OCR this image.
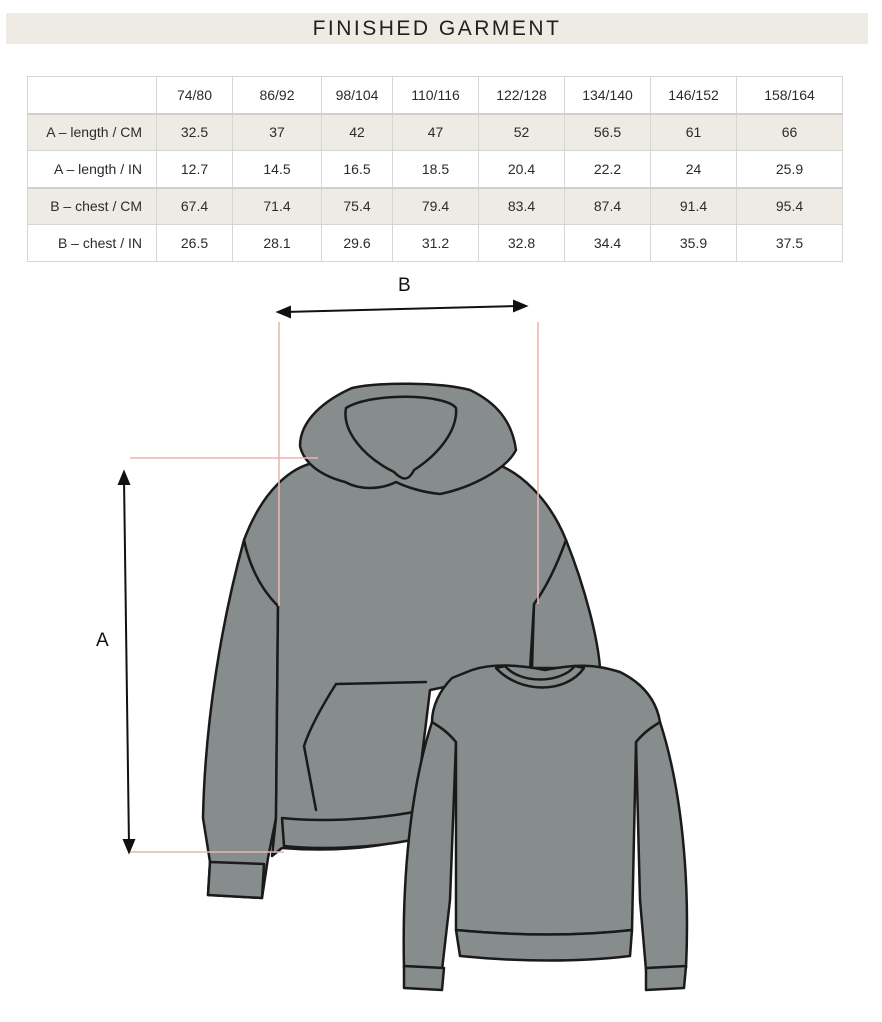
FINISHED GARMENT
	74/80	86/92	98/104	110/116	122/128	134/140	146/152	158/164
A – length / CM	32.5	37	42	47	52	56.5	61	66
A – length / IN	12.7	14.5	16.5	18.5	20.4	22.2	24	25.9
B – chest / CM	67.4	71.4	75.4	79.4	83.4	87.4	91.4	95.4
B – chest / IN	26.5	28.1	29.6	31.2	32.8	34.4	35.9	37.5
B
A
